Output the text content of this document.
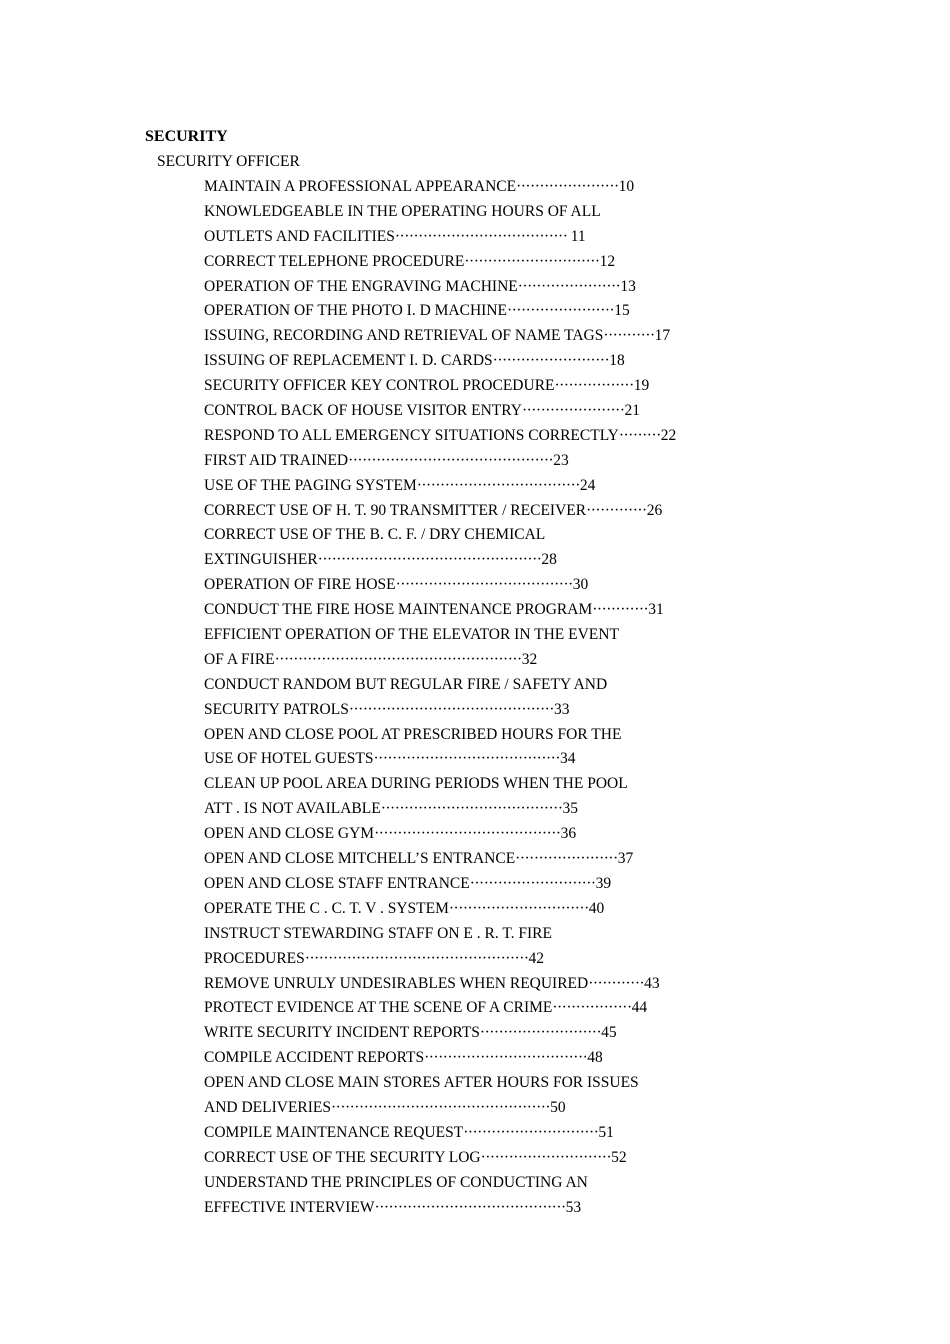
SECURITY
SECURITY OFFICER
MAINTAIN A PROFESSIONAL APPEARANCE······················10
KNOWLEDGEABLE IN THE OPERATING HOURS OF ALL
OUTLETS AND FACILITIES····································· 11
CORRECT TELEPHONE PROCEDURE·····························12
OPERATION OF THE ENGRAVING MACHINE······················13
OPERATION OF THE PHOTO I. D MACHINE·······················15
ISSUING, RECORDING AND RETRIEVAL OF NAME TAGS···········17
ISSUING OF REPLACEMENT I. D. CARDS·························18
SECURITY OFFICER KEY CONTROL PROCEDURE·················19
CONTROL BACK OF HOUSE VISITOR ENTRY······················21
RESPOND TO ALL EMERGENCY SITUATIONS CORRECTLY·········22
FIRST AID TRAINED············································23
USE OF THE PAGING SYSTEM···································24
CORRECT USE OF H. T. 90 TRANSMITTER / RECEIVER·············26
CORRECT USE OF THE B. C. F. / DRY CHEMICAL
EXTINGUISHER················································28
OPERATION OF FIRE HOSE······································30
CONDUCT THE FIRE HOSE MAINTENANCE PROGRAM············31
EFFICIENT OPERATION OF THE ELEVATOR IN THE EVENT
OF A FIRE·····················································32
CONDUCT RANDOM BUT REGULAR FIRE / SAFETY AND
SECURITY PATROLS············································33
OPEN AND CLOSE POOL AT PRESCRIBED HOURS FOR THE
USE OF HOTEL GUESTS········································34
CLEAN UP POOL AREA DURING PERIODS WHEN THE POOL
ATT . IS NOT AVAILABLE·······································35
OPEN AND CLOSE GYM········································36
OPEN AND CLOSE MITCHELL’S ENTRANCE······················37
OPEN AND CLOSE STAFF ENTRANCE···························39
OPERATE THE C . C. T. V . SYSTEM······························40
INSTRUCT STEWARDING STAFF ON E . R. T. FIRE
PROCEDURES················································42
REMOVE UNRULY UNDESIRABLES WHEN REQUIRED············43
PROTECT EVIDENCE AT THE SCENE OF A CRIME·················44
WRITE SECURITY INCIDENT REPORTS··························45
COMPILE ACCIDENT REPORTS···································48
OPEN AND CLOSE MAIN STORES AFTER HOURS FOR ISSUES
AND DELIVERIES···············································50
COMPILE MAINTENANCE REQUEST·····························51
CORRECT USE OF THE SECURITY LOG····························52
UNDERSTAND THE PRINCIPLES OF CONDUCTING AN
EFFECTIVE INTERVIEW·········································53
